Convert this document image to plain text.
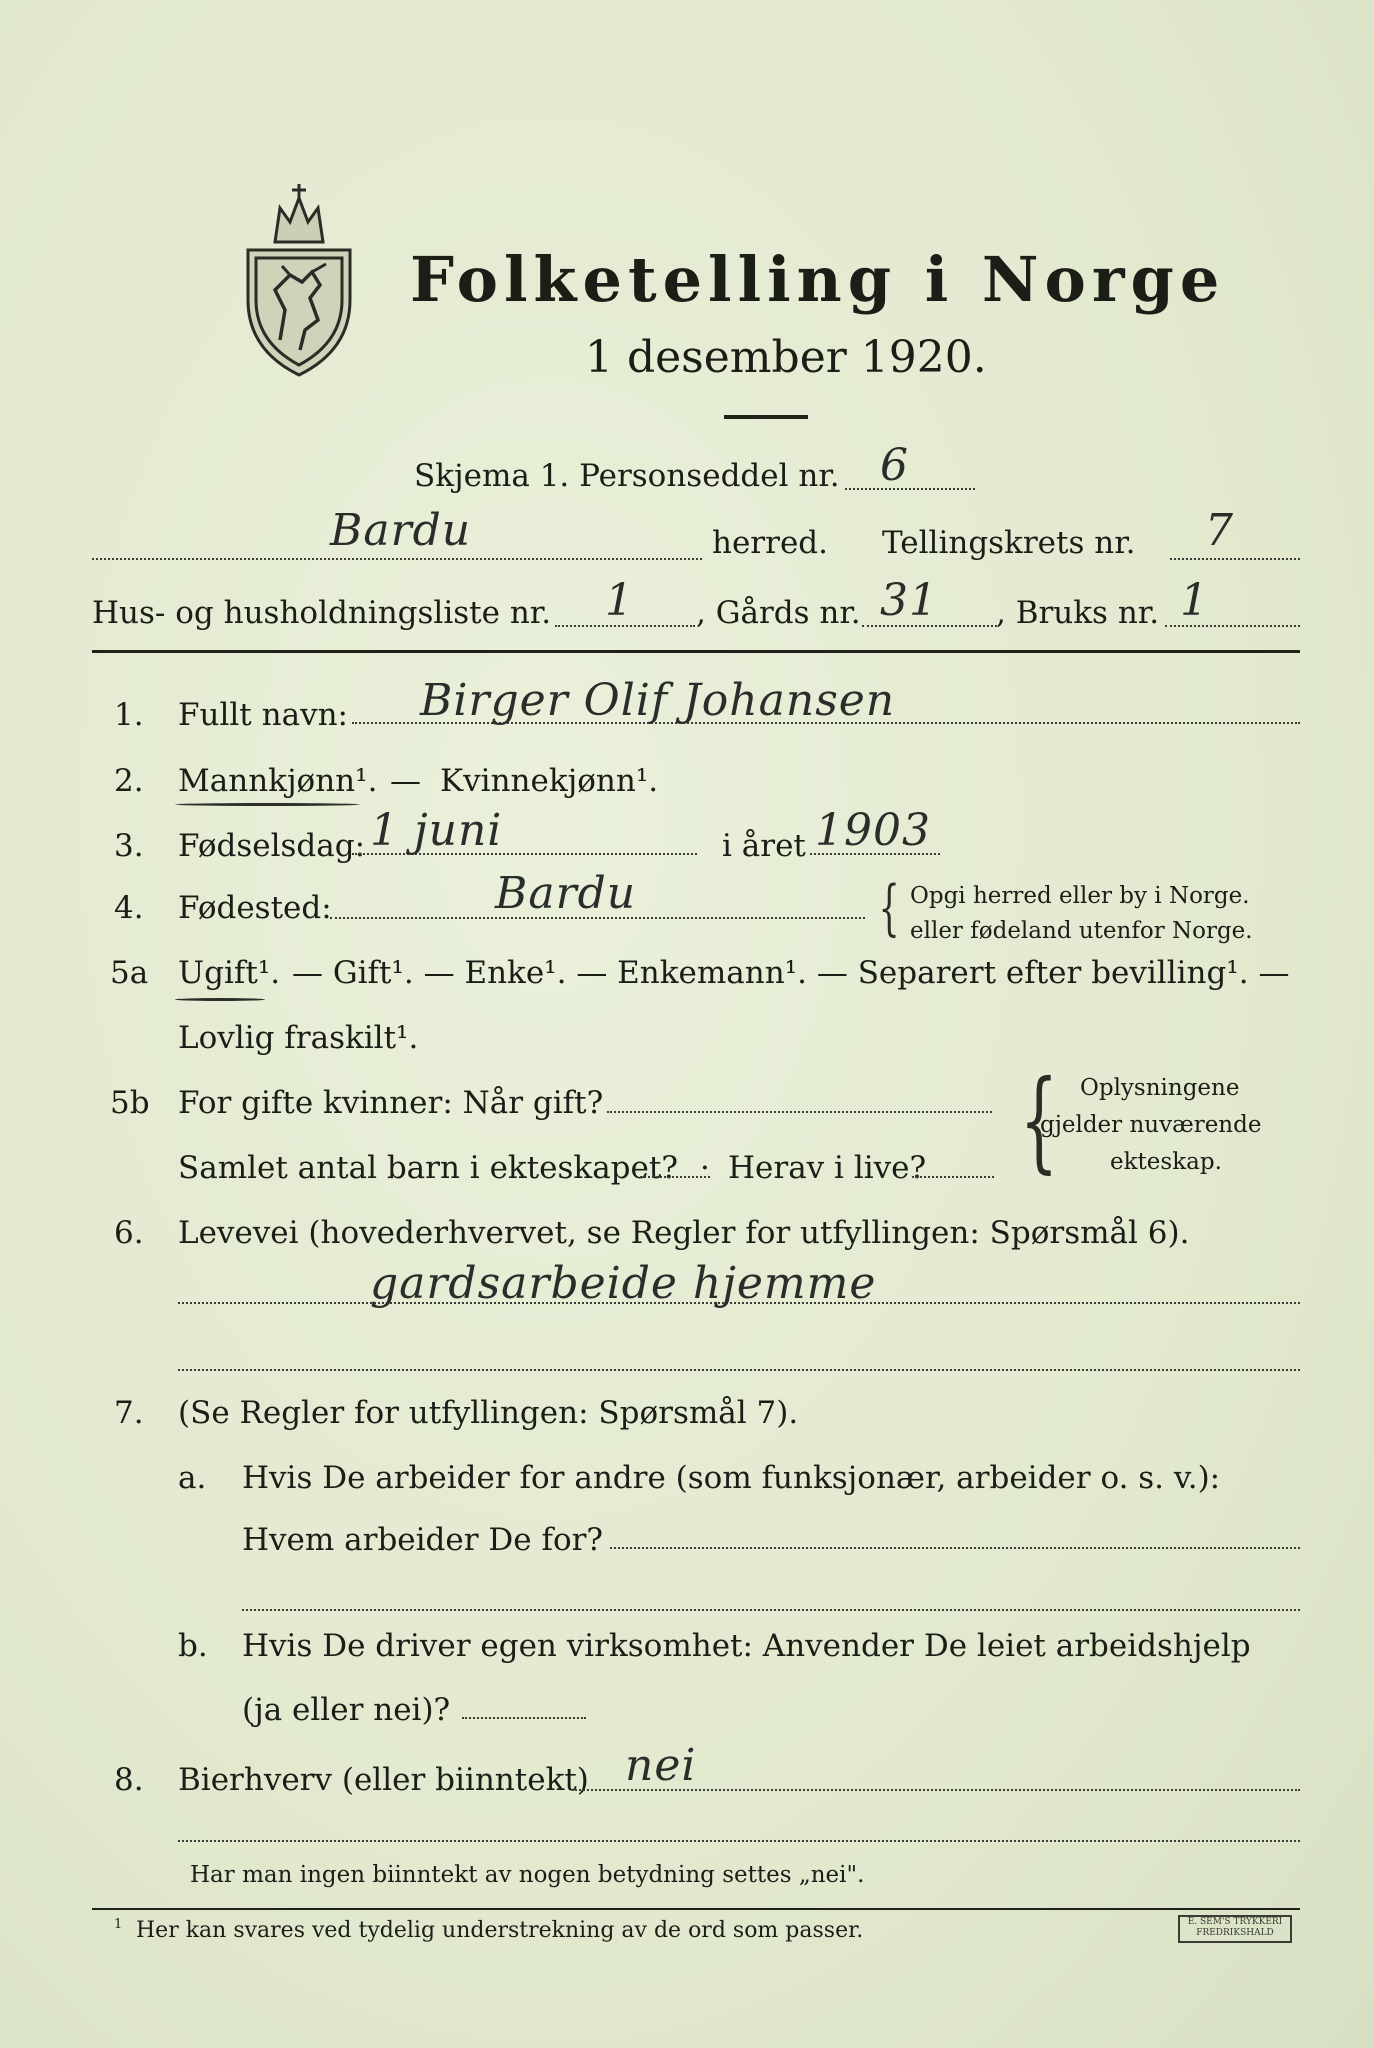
Folketelling i Norge
1 desember 1920.
Skjema 1. Personseddel nr. 6
Bardu	herred. Tellingskrets nr. 7
Hus- og husholdningsliste nr. 1 , Gårds nr. 31 , Bruks nr. 1
1. Fullt navn: Birger Olif Johansen
2. Mannkjønn¹. — Kvinnekjønn¹.
3. Fødselsdag: 1 juni	i året 1903
4. Fødested:	Bardu	{ Opgi herred eller by i Norge.
eller fødeland utenfor Norge.
5a Ugift¹. — Gift¹. — Enke¹. — Enkemann¹. — Separert efter bevilling¹. —
Lovlig fraskilt¹.
5b For gifte kvinner: Når gift?
Samlet antal barn i ekteskapet? · Herav i live? { Oplysningene
gjelder nuværende
ekteskap.
6. Levevei (hovederhvervet, se Regler for utfyllingen: Spørsmål 6).
gardsarbeide hjemme
7. (Se Regler for utfyllingen: Spørsmål 7).
a. Hvis De arbeider for andre (som funksjonær, arbeider o. s. v.):
Hvem arbeider De for?
b. Hvis De driver egen virksomhet: Anvender De leiet arbeidshjelp
(ja eller nei)?
8. Bierhverv (eller biinntekt) nei
Har man ingen biinntekt av nogen betydning settes „nei".
1 Her kan svares ved tydelig understrekning av de ord som passer.	E. SEM'S TRYKKERI FREDRIKSHALD
